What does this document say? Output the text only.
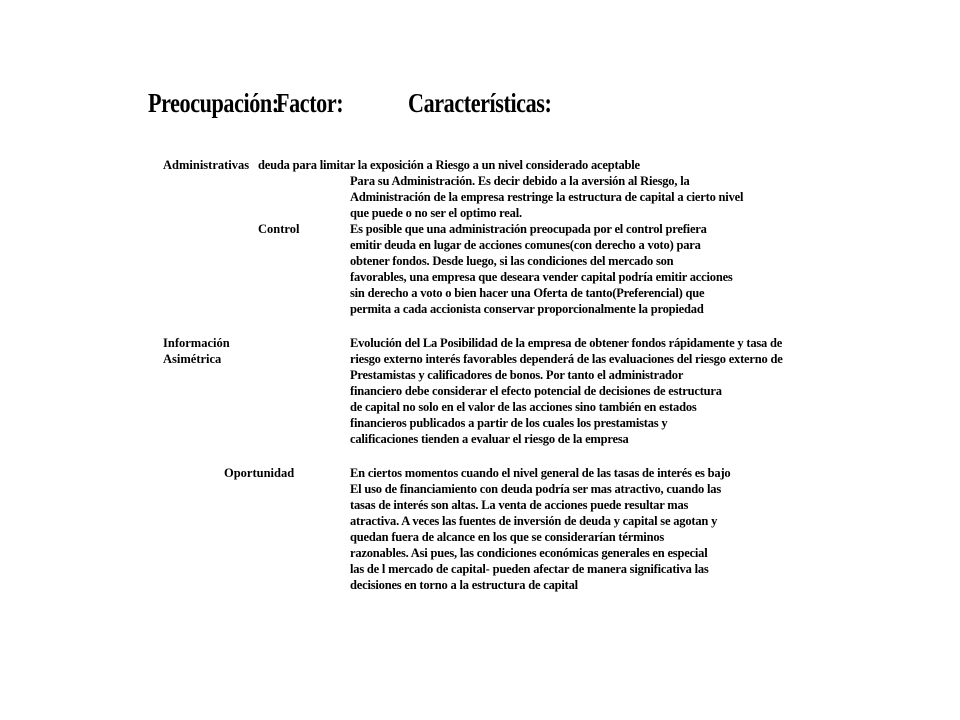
Preocupación:
Factor: Características:
Administrativas deuda para limitar la exposición a Riesgo a un nivel considerado aceptable
Para su Administración. Es decir debido a la aversión al Riesgo, la
Administración de la empresa restringe la estructura de capital a cierto nivel
que puede o no ser el optimo real.
Control	Es posible que una administración preocupada por el control prefiera
emitir deuda en lugar de acciones comunes(con derecho a voto) para
obtener fondos. Desde luego, si las condiciones del mercado son
favorables, una empresa que deseara vender capital podría emitir acciones
sin derecho a voto o bien hacer una Oferta de tanto(Preferencial) que
permita a cada accionista conservar proporcionalmente la propiedad
Información
Asimétrica
Evolución del La Posibilidad de la empresa de obtener fondos rápidamente y tasa de
riesgo externo interés favorables dependerá de las evaluaciones del riesgo externo de
Prestamistas y calificadores de bonos. Por tanto el administrador
financiero debe considerar el efecto potencial de decisiones de estructura
de capital no solo en el valor de las acciones sino también en estados
financieros publicados a partir de los cuales los prestamistas y
calificaciones tienden a evaluar el riesgo de la empresa
Oportunidad	En ciertos momentos cuando el nivel general de las tasas de interés es bajo
El uso de financiamiento con deuda podría ser mas atractivo, cuando las
tasas de interés son altas. La venta de acciones puede resultar mas
atractiva. A veces las fuentes de inversión de deuda y capital se agotan y
quedan fuera de alcance en los que se considerarían términos
razonables. Asi pues, las condiciones económicas generales en especial
las de l mercado de capital- pueden afectar de manera significativa las
decisiones en torno a la estructura de capital
